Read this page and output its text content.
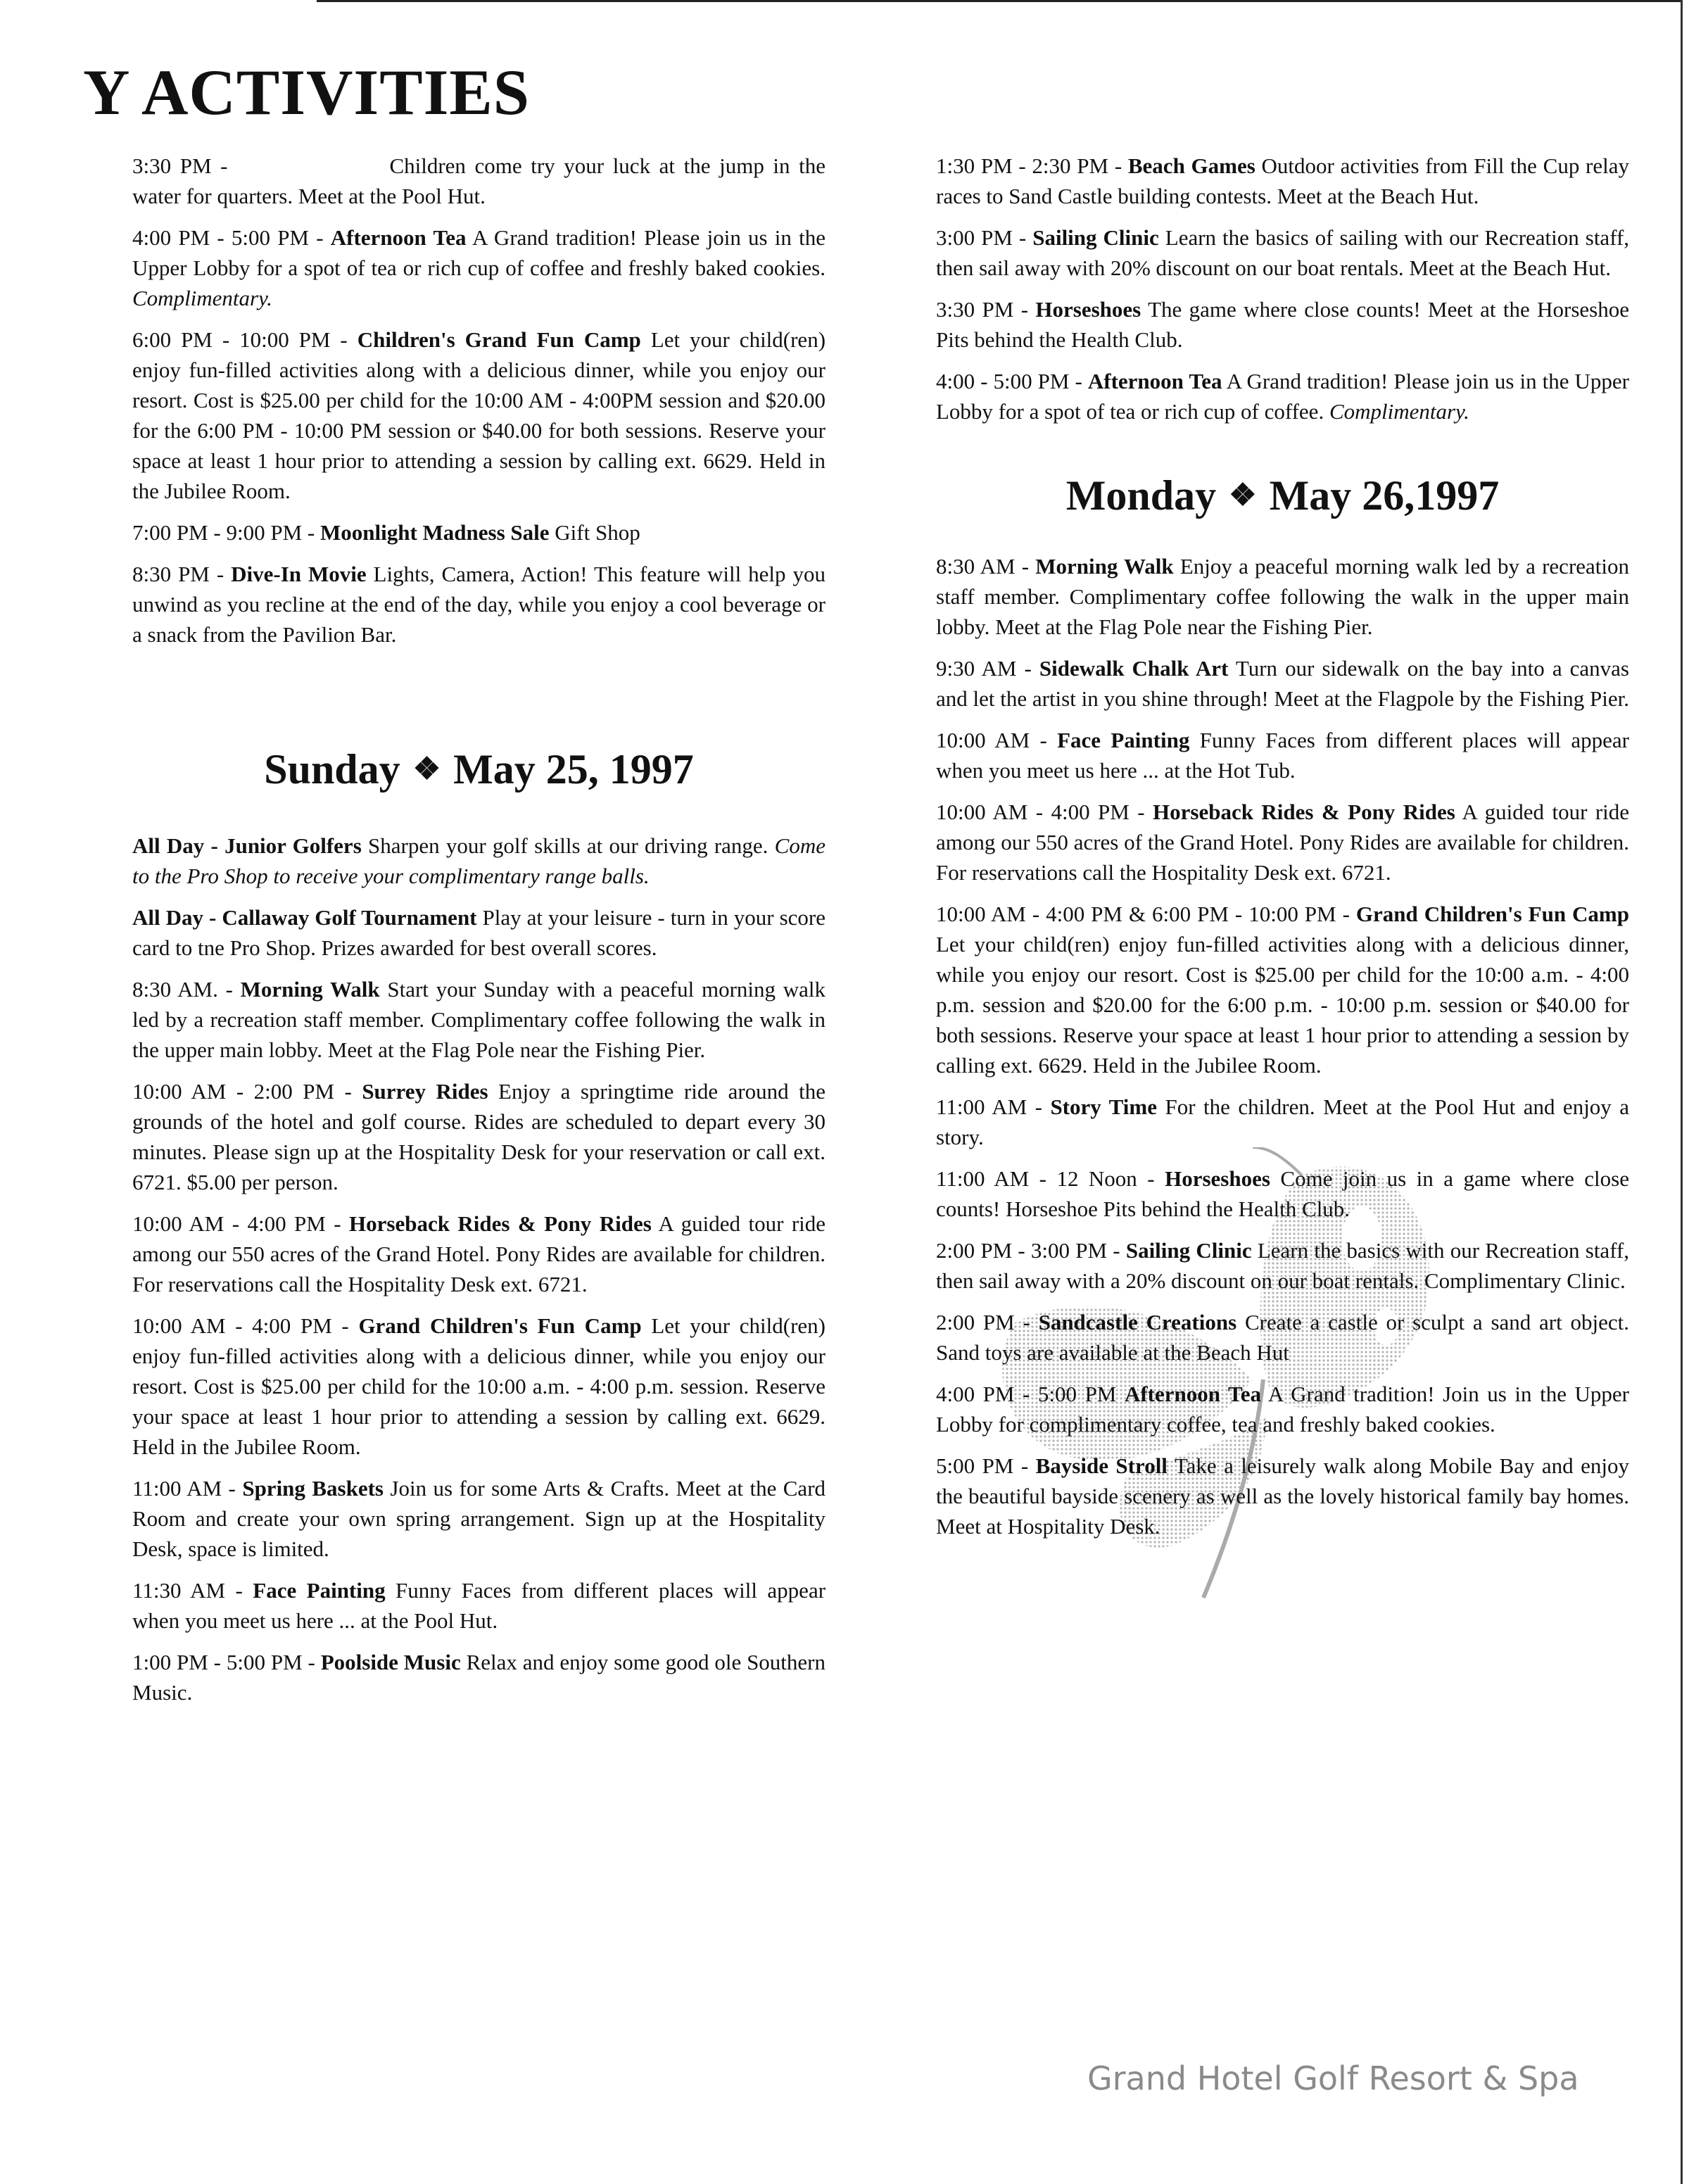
Y ACTIVITIES

3:30 PM -	Children come try your luck at the jump in the water for quarters. Meet at the Pool Hut.

4:00 PM - 5:00 PM - Afternoon Tea A Grand tradition! Please join us in the Upper Lobby for a spot of tea or rich cup of coffee and freshly baked cookies. Complimentary.

6:00 PM - 10:00 PM - Children's Grand Fun Camp Let your child(ren) enjoy fun-filled activities along with a delicious dinner, while you enjoy our resort. Cost is $25.00 per child for the 10:00 AM - 4:00PM session and $20.00 for the 6:00 PM - 10:00 PM session or $40.00 for both sessions. Reserve your space at least 1 hour prior to attending a session by calling ext. 6629. Held in the Jubilee Room.

7:00 PM - 9:00 PM - Moonlight Madness Sale Gift Shop

8:30 PM - Dive-In Movie Lights, Camera, Action! This feature will help you unwind as you recline at the end of the day, while you enjoy a cool beverage or a snack from the Pavilion Bar.

Sunday ❖ May 25, 1997

All Day - Junior Golfers Sharpen your golf skills at our driving range. Come to the Pro Shop to receive your complimentary range balls.

All Day - Callaway Golf Tournament Play at your leisure - turn in your score card to tne Pro Shop. Prizes awarded for best overall scores.

8:30 AM. - Morning Walk Start your Sunday with a peaceful morning walk led by a recreation staff member. Complimentary coffee following the walk in the upper main lobby. Meet at the Flag Pole near the Fishing Pier.

10:00 AM - 2:00 PM - Surrey Rides Enjoy a springtime ride around the grounds of the hotel and golf course. Rides are scheduled to depart every 30 minutes. Please sign up at the Hospitality Desk for your reservation or call ext. 6721. $5.00 per person.

10:00 AM - 4:00 PM - Horseback Rides & Pony Rides A guided tour ride among our 550 acres of the Grand Hotel. Pony Rides are available for children. For reservations call the Hospitality Desk ext. 6721.

10:00 AM - 4:00 PM - Grand Children's Fun Camp Let your child(ren) enjoy fun-filled activities along with a delicious dinner, while you enjoy our resort. Cost is $25.00 per child for the 10:00 a.m. - 4:00 p.m. session. Reserve your space at least 1 hour prior to attending a session by calling ext. 6629. Held in the Jubilee Room.

11:00 AM - Spring Baskets Join us for some Arts & Crafts. Meet at the Card Room and create your own spring arrangement. Sign up at the Hospitality Desk, space is limited.

11:30 AM - Face Painting Funny Faces from different places will appear when you meet us here ... at the Pool Hut.

1:00 PM - 5:00 PM - Poolside Music Relax and enjoy some good ole Southern Music.

1:30 PM - 2:30 PM - Beach Games Outdoor activities from Fill the Cup relay races to Sand Castle building contests. Meet at the Beach Hut.

3:00 PM - Sailing Clinic Learn the basics of sailing with our Recreation staff, then sail away with 20% discount on our boat rentals. Meet at the Beach Hut.

3:30 PM - Horseshoes The game where close counts! Meet at the Horseshoe Pits behind the Health Club.

4:00 - 5:00 PM - Afternoon Tea A Grand tradition! Please join us in the Upper Lobby for a spot of tea or rich cup of coffee. Complimentary.

Monday ❖ May 26,1997

8:30 AM - Morning Walk Enjoy a peaceful morning walk led by a recreation staff member. Complimentary coffee following the walk in the upper main lobby. Meet at the Flag Pole near the Fishing Pier.

9:30 AM - Sidewalk Chalk Art Turn our sidewalk on the bay into a canvas and let the artist in you shine through! Meet at the Flagpole by the Fishing Pier.

10:00 AM - Face Painting Funny Faces from different places will appear when you meet us here ... at the Hot Tub.

10:00 AM - 4:00 PM - Horseback Rides & Pony Rides A guided tour ride among our 550 acres of the Grand Hotel. Pony Rides are available for children. For reservations call the Hospitality Desk ext. 6721.

10:00 AM - 4:00 PM & 6:00 PM - 10:00 PM - Grand Children's Fun Camp Let your child(ren) enjoy fun-filled activities along with a delicious dinner, while you enjoy our resort. Cost is $25.00 per child for the 10:00 a.m. - 4:00 p.m. session and $20.00 for the 6:00 p.m. - 10:00 p.m. session or $40.00 for both sessions. Reserve your space at least 1 hour prior to attending a session by calling ext. 6629. Held in the Jubilee Room.

11:00 AM - Story Time For the children. Meet at the Pool Hut and enjoy a story.

11:00 AM - 12 Noon - Horseshoes Come join us in a game where close counts! Horseshoe Pits behind the Health Club.

2:00 PM - 3:00 PM - Sailing Clinic Learn the basics with our Recreation staff, then sail away with a 20% discount on our boat rentals. Complimentary Clinic.

2:00 PM - Sandcastle Creations Create a castle or sculpt a sand art object. Sand toys are available at the Beach Hut

4:00 PM - 5:00 PM Afternoon Tea A Grand tradition! Join us in the Upper Lobby for complimentary coffee, tea and freshly baked cookies.

5:00 PM - Bayside Stroll Take a leisurely walk along Mobile Bay and enjoy the beautiful bayside scenery as well as the lovely historical family bay homes. Meet at Hospitality Desk.

Grand Hotel Golf Resort & Spa
